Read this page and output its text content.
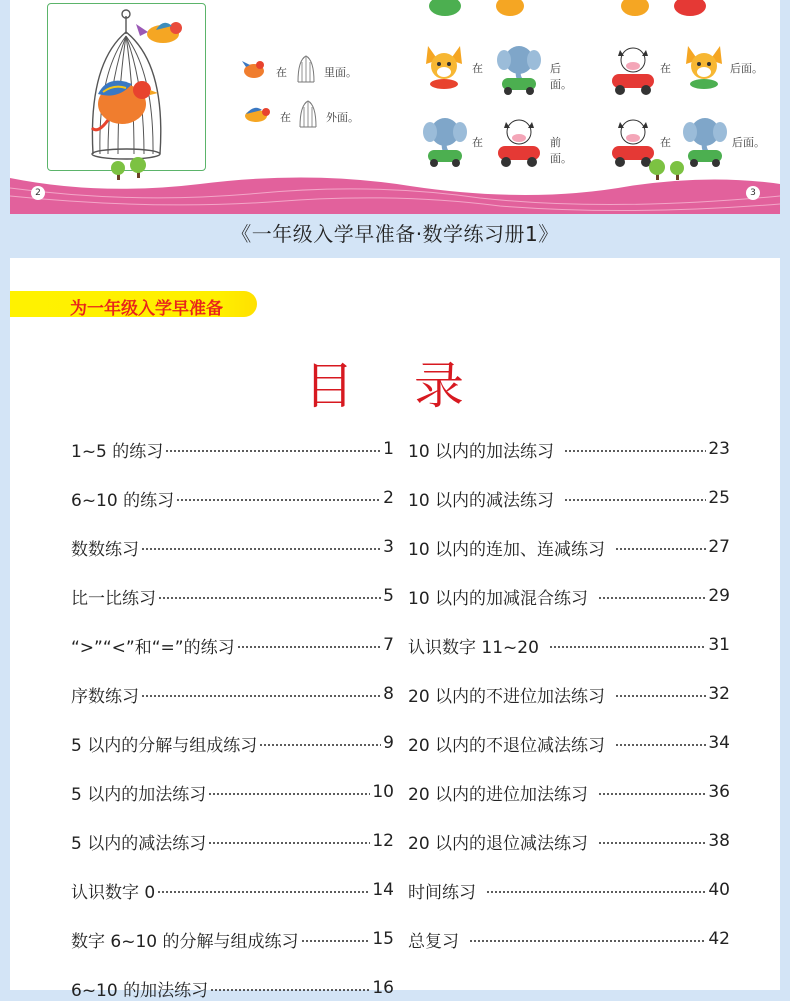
在	里面。
在	外面。
在	后面。
在	后面。
在	前面。
在	后面。
2	3
《一年级入学早准备·数学练习册1》
为一年级入学早准备
目 录
1~5 的练习	1
6~10 的练习	2
数数练习	3
比一比练习	5
“>”“<”和“=”的练习	7
序数练习	8
5 以内的分解与组成练习	9
5 以内的加法练习	10
5 以内的减法练习	12
认识数字 0	14
数字 6~10 的分解与组成练习	15
6~10 的加法练习	16
10 以内的加法练习	23
10 以内的减法练习	25
10 以内的连加、连减练习	27
10 以内的加减混合练习	29
认识数字 11~20	31
20 以内的不进位加法练习	32
20 以内的不退位减法练习	34
20 以内的进位加法练习	36
20 以内的退位减法练习	38
时间练习	40
总复习	42
